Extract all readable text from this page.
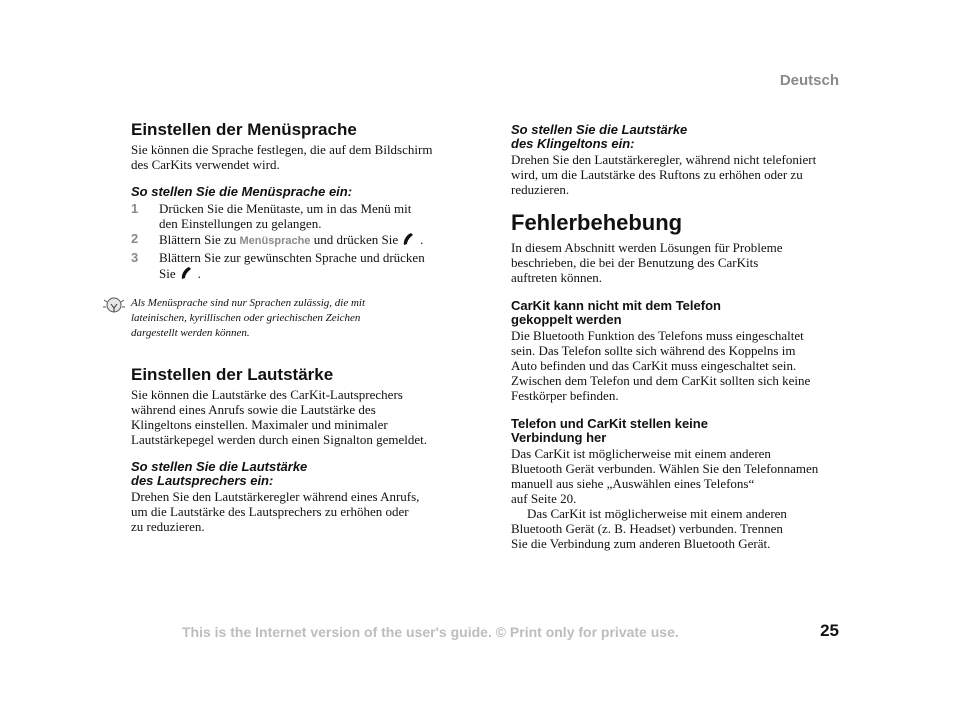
Deutsch
Einstellen der Menüsprache
Sie können die Sprache festlegen, die auf dem Bildschirm
des CarKits verwendet wird.
So stellen Sie die Menüsprache ein:
1	Drücken Sie die Menütaste, um in das Menü mit
den Einstellungen zu gelangen.
2	Blättern Sie zu Menüsprache und drücken Sie .
3	Blättern Sie zur gewünschten Sprache und drücken
Sie .
Als Menüsprache sind nur Sprachen zulässig, die mit
lateinischen, kyrillischen oder griechischen Zeichen
dargestellt werden können.
Einstellen der Lautstärke
Sie können die Lautstärke des CarKit-Lautsprechers
während eines Anrufs sowie die Lautstärke des
Klingeltons einstellen. Maximaler und minimaler
Lautstärkepegel werden durch einen Signalton gemeldet.
So stellen Sie die Lautstärke
des Lautsprechers ein:
Drehen Sie den Lautstärkeregler während eines Anrufs,
um die Lautstärke des Lautsprechers zu erhöhen oder
zu reduzieren.
So stellen Sie die Lautstärke
des Klingeltons ein:
Drehen Sie den Lautstärkeregler, während nicht telefoniert
wird, um die Lautstärke des Ruftons zu erhöhen oder zu
reduzieren.
Fehlerbehebung
In diesem Abschnitt werden Lösungen für Probleme
beschrieben, die bei der Benutzung des CarKits
auftreten können.
CarKit kann nicht mit dem Telefon
gekoppelt werden
Die Bluetooth Funktion des Telefons muss eingeschaltet
sein. Das Telefon sollte sich während des Koppelns im
Auto befinden und das CarKit muss eingeschaltet sein.
Zwischen dem Telefon und dem CarKit sollten sich keine
Festkörper befinden.
Telefon und CarKit stellen keine
Verbindung her
Das CarKit ist möglicherweise mit einem anderen
Bluetooth Gerät verbunden. Wählen Sie den Telefonnamen
manuell aus siehe „Auswählen eines Telefons“
auf Seite 20.
Das CarKit ist möglicherweise mit einem anderen
Bluetooth Gerät (z. B. Headset) verbunden. Trennen
Sie die Verbindung zum anderen Bluetooth Gerät.
This is the Internet version of the user's guide. © Print only for private use.	25
